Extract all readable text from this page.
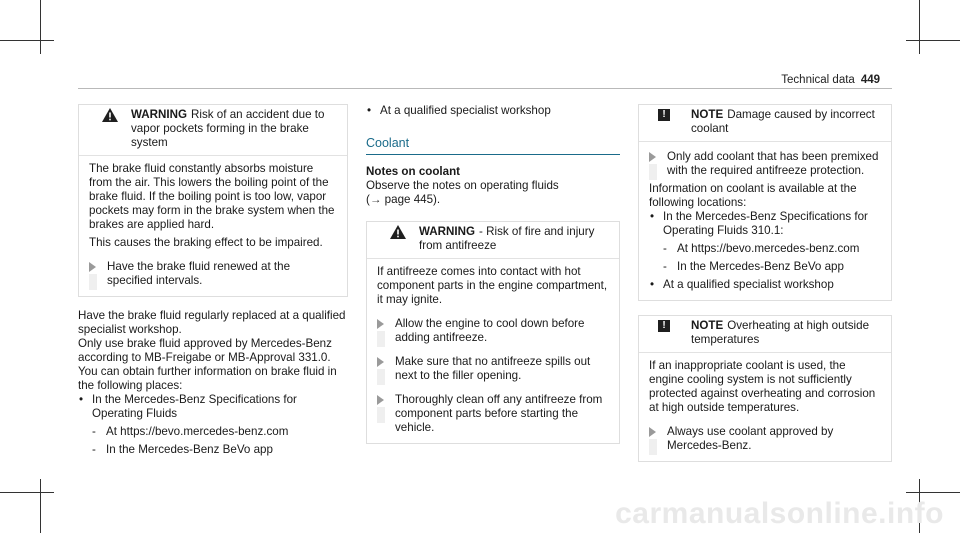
Technical data 449
WARNING Risk of an accident due to vapor pockets forming in the brake system

The brake fluid constantly absorbs moisture from the air. This lowers the boiling point of the brake fluid. If the boiling point is too low, vapor pockets may form in the brake system when the brakes are applied hard.

This causes the braking effect to be impaired.

Have the brake fluid renewed at the specified intervals.

Have the brake fluid regularly replaced at a qualified specialist workshop.

Only use brake fluid approved by Mercedes-Benz according to MB-Freigabe or MB-Approval 331.0.

You can obtain further information on brake fluid in the following places:

• In the Mercedes-Benz Specifications for Operating Fluids
- At https://bevo.mercedes-benz.com
- In the Mercedes-Benz BeVo app
• At a qualified specialist workshop
Coolant

Notes on coolant

Observe the notes on operating fluids

(→ page 445).

WARNING - Risk of fire and injury from antifreeze

If antifreeze comes into contact with hot component parts in the engine compartment, it may ignite.

Allow the engine to cool down before adding antifreeze.
Make sure that no antifreeze spills out next to the filler opening.
Thoroughly clean off any antifreeze from component parts before starting the vehicle.
!	NOTE Damage caused by incorrect coolant
Only add coolant that has been premixed with the required antifreeze protection.

Information on coolant is available at the following locations:

• In the Mercedes-Benz Specifications for Operating Fluids 310.1:
- At https://bevo.mercedes-benz.com
- In the Mercedes-Benz BeVo app
• At a qualified specialist workshop
!	NOTE Overheating at high outside temperatures

If an inappropriate coolant is used, the engine cooling system is not sufficiently protected against overheating and corrosion at high outside temperatures.

Always use coolant approved by Mercedes-Benz.
carmanualsonline.info
